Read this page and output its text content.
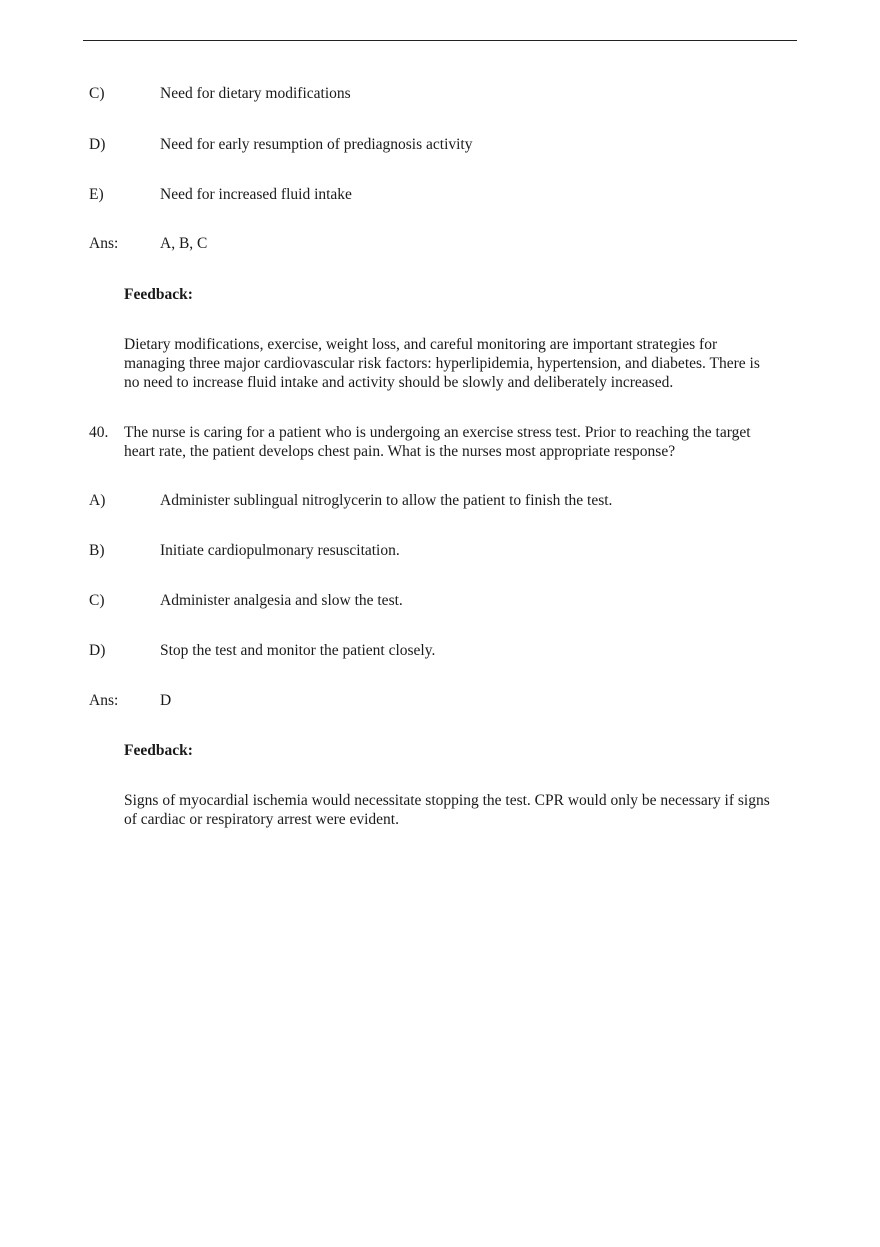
C)	Need for dietary modifications
D)	Need for early resumption of prediagnosis activity
E)	Need for increased fluid intake
Ans:	A, B, C
Feedback:
Dietary modifications, exercise, weight loss, and careful monitoring are important strategies for
managing three major cardiovascular risk factors: hyperlipidemia, hypertension, and diabetes. There is
no need to increase fluid intake and activity should be slowly and deliberately increased.
40. The nurse is caring for a patient who is undergoing an exercise stress test. Prior to reaching the target
heart rate, the patient develops chest pain. What is the nurses most appropriate response?
A)	Administer sublingual nitroglycerin to allow the patient to finish the test.
B)	Initiate cardiopulmonary resuscitation.
C)	Administer analgesia and slow the test.
D)	Stop the test and monitor the patient closely.
Ans:	D
Feedback:
Signs of myocardial ischemia would necessitate stopping the test. CPR would only be necessary if signs
of cardiac or respiratory arrest were evident.
